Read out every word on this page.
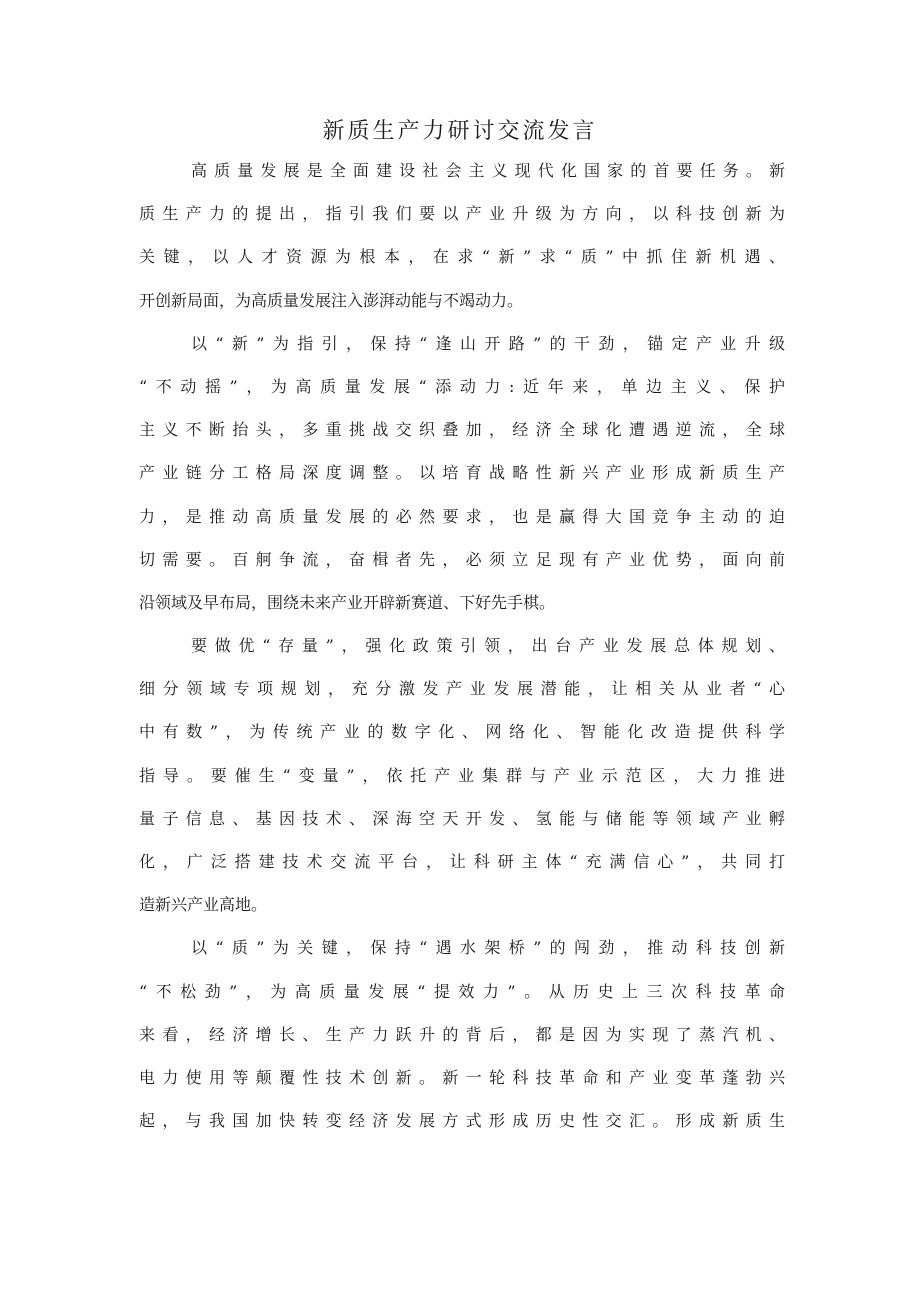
新质生产力研讨交流发言
高质量发展是全面建设社会主义现代化国家的首要任务。新
质生产力的提出，指引我们要以产业升级为方向，以科技创新为
关键，以人才资源为根本，在求“新”求“质”中抓住新机遇、
开创新局面，为高质量发展注入澎湃动能与不竭动力。
以“新”为指引，保持“逢山开路”的干劲，锚定产业升级
“不动摇”，为高质量发展“添动力:近年来，单边主义、保护
主义不断抬头，多重挑战交织叠加，经济全球化遭遇逆流，全球
产业链分工格局深度调整。以培育战略性新兴产业形成新质生产
力，是推动高质量发展的必然要求，也是赢得大国竞争主动的迫
切需要。百舸争流，奋楫者先，必须立足现有产业优势，面向前
沿领域及早布局，围绕未来产业开辟新赛道、下好先手棋。
要做优“存量”，强化政策引领，出台产业发展总体规划、
细分领域专项规划，充分激发产业发展潜能，让相关从业者“心
中有数”，为传统产业的数字化、网络化、智能化改造提供科学
指导。要催生“变量”，依托产业集群与产业示范区，大力推进
量子信息、基因技术、深海空天开发、氢能与储能等领域产业孵
化，广泛搭建技术交流平台，让科研主体“充满信心”，共同打
造新兴产业高地。
以“质”为关键，保持“遇水架桥”的闯劲，推动科技创新
“不松劲”，为高质量发展“提效力”。从历史上三次科技革命
来看，经济增长、生产力跃升的背后，都是因为实现了蒸汽机、
电力使用等颠覆性技术创新。新一轮科技革命和产业变革蓬勃兴
起，与我国加快转变经济发展方式形成历史性交汇。形成新质生
